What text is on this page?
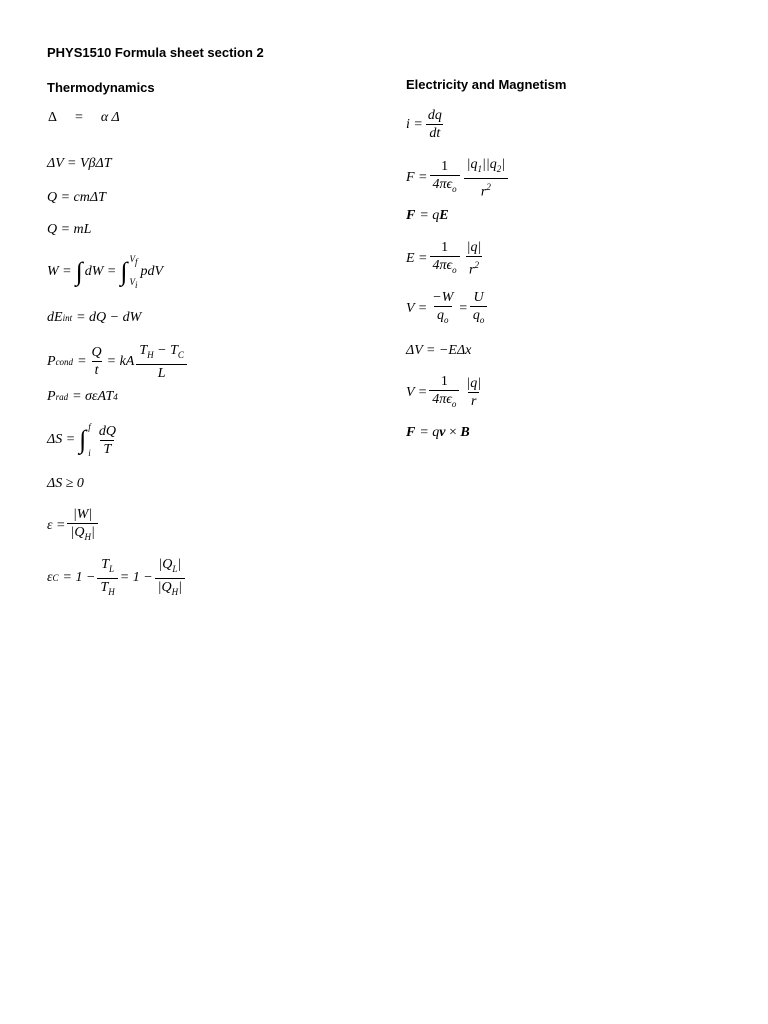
PHYS1510 Formula sheet section 2
Thermodynamics
Δ = α Δ
ΔV = VβΔT
Q = cmΔT
Q = mL
W = ∫ dW = ∫ $V_f$
$V_i$
pdV
dE int = dQ − dW
P cond = $\frac{Q}{t}$ = kA $\frac{T_H - T_C}{L}$
P rad = σεAT 4
ΔS = ∫ f
i $\frac{dQ}{T}$
ΔS ≥ 0
$\varepsilon = \frac{|W|}{|Q_H|}$
ε $C = 1 - \frac{T_L}{T_H} = 1 - \frac{|Q_L|}{|Q_H|}$
Electricity and Magnetism
$i = \frac{dq}{dt}$
$F = \frac{1}{4\pi\epsilon_o} \frac{|q_1||q_2|}{r^2}$
F = q E
$E = \frac{1}{4\pi\epsilon_o} \frac{|q|}{r^2}$
$V = \frac{-W}{q_o} = \frac{U}{q_o}$
ΔV = −EΔx
$V = \frac{1}{4\pi\epsilon_o} \frac{|q|}{r}$
F = q v × B
